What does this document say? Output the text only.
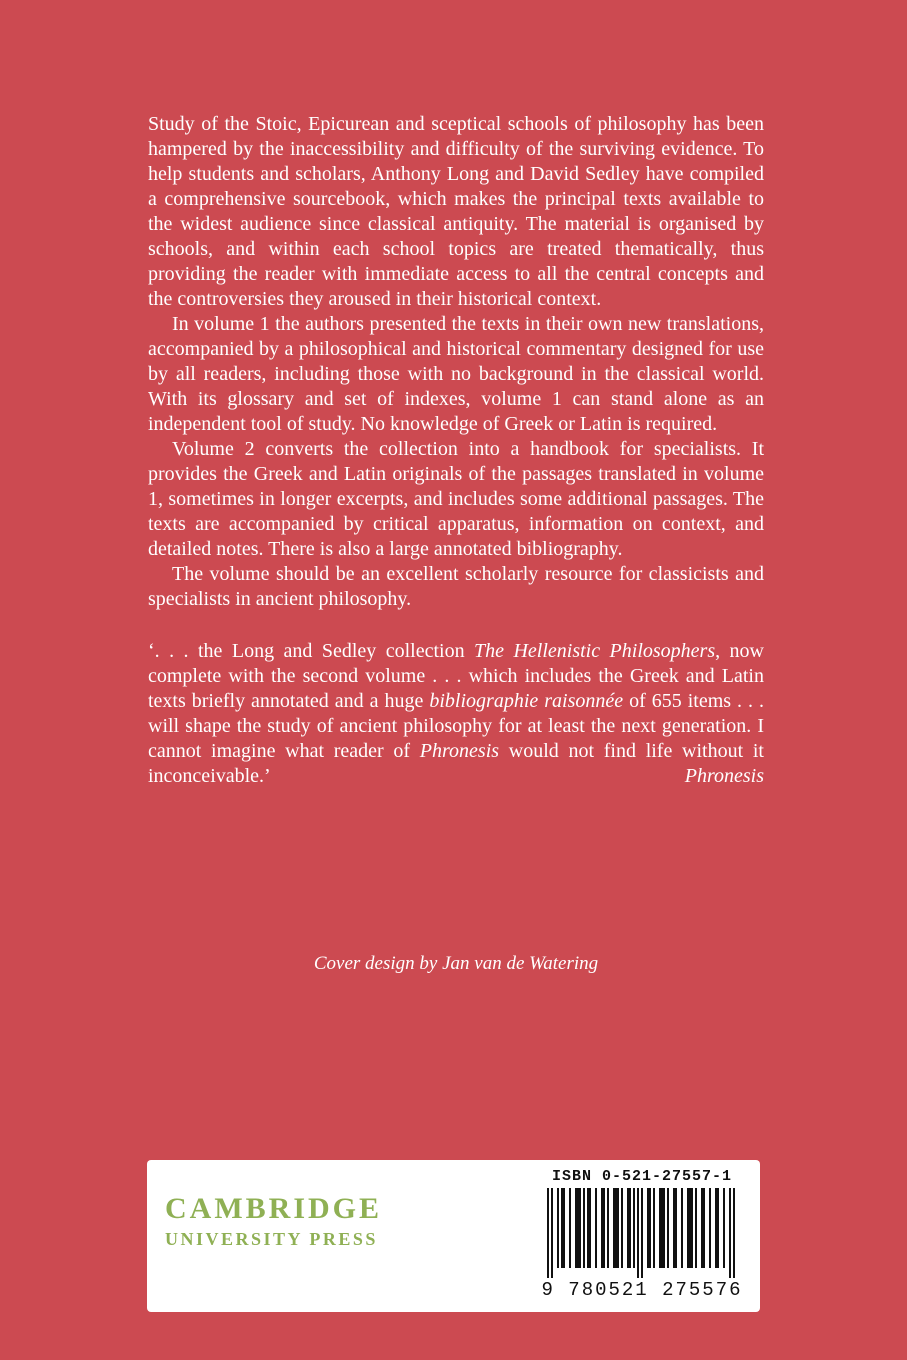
Study of the Stoic, Epicurean and sceptical schools of philosophy has been hampered by the inaccessibility and difficulty of the surviving evidence. To help students and scholars, Anthony Long and David Sedley have compiled a comprehensive sourcebook, which makes the principal texts available to the widest audience since classical antiquity. The material is organised by schools, and within each school topics are treated thematically, thus providing the reader with immediate access to all the central concepts and the controversies they aroused in their historical context.

In volume 1 the authors presented the texts in their own new translations, accompanied by a philosophical and historical commentary designed for use by all readers, including those with no background in the classical world. With its glossary and set of indexes, volume 1 can stand alone as an independent tool of study. No knowledge of Greek or Latin is required.

Volume 2 converts the collection into a handbook for specialists. It provides the Greek and Latin originals of the passages translated in volume 1, sometimes in longer excerpts, and includes some additional passages. The texts are accompanied by critical apparatus, information on context, and detailed notes. There is also a large annotated bibliography.

The volume should be an excellent scholarly resource for classicists and specialists in ancient philosophy.

‘. . . the Long and Sedley collection The Hellenistic Philosophers, now complete with the second volume . . . which includes the Greek and Latin texts briefly annotated and a huge bibliographie raisonnée of 655 items . . . will shape the study of ancient philosophy for at least the next generation. I cannot imagine what reader of Phronesis would not find life without it inconceivable.’	Phronesis

Cover design by Jan van de Watering
CAMBRIDGE
UNIVERSITY PRESS
ISBN 0-521-27557-1
9 780521 275576
